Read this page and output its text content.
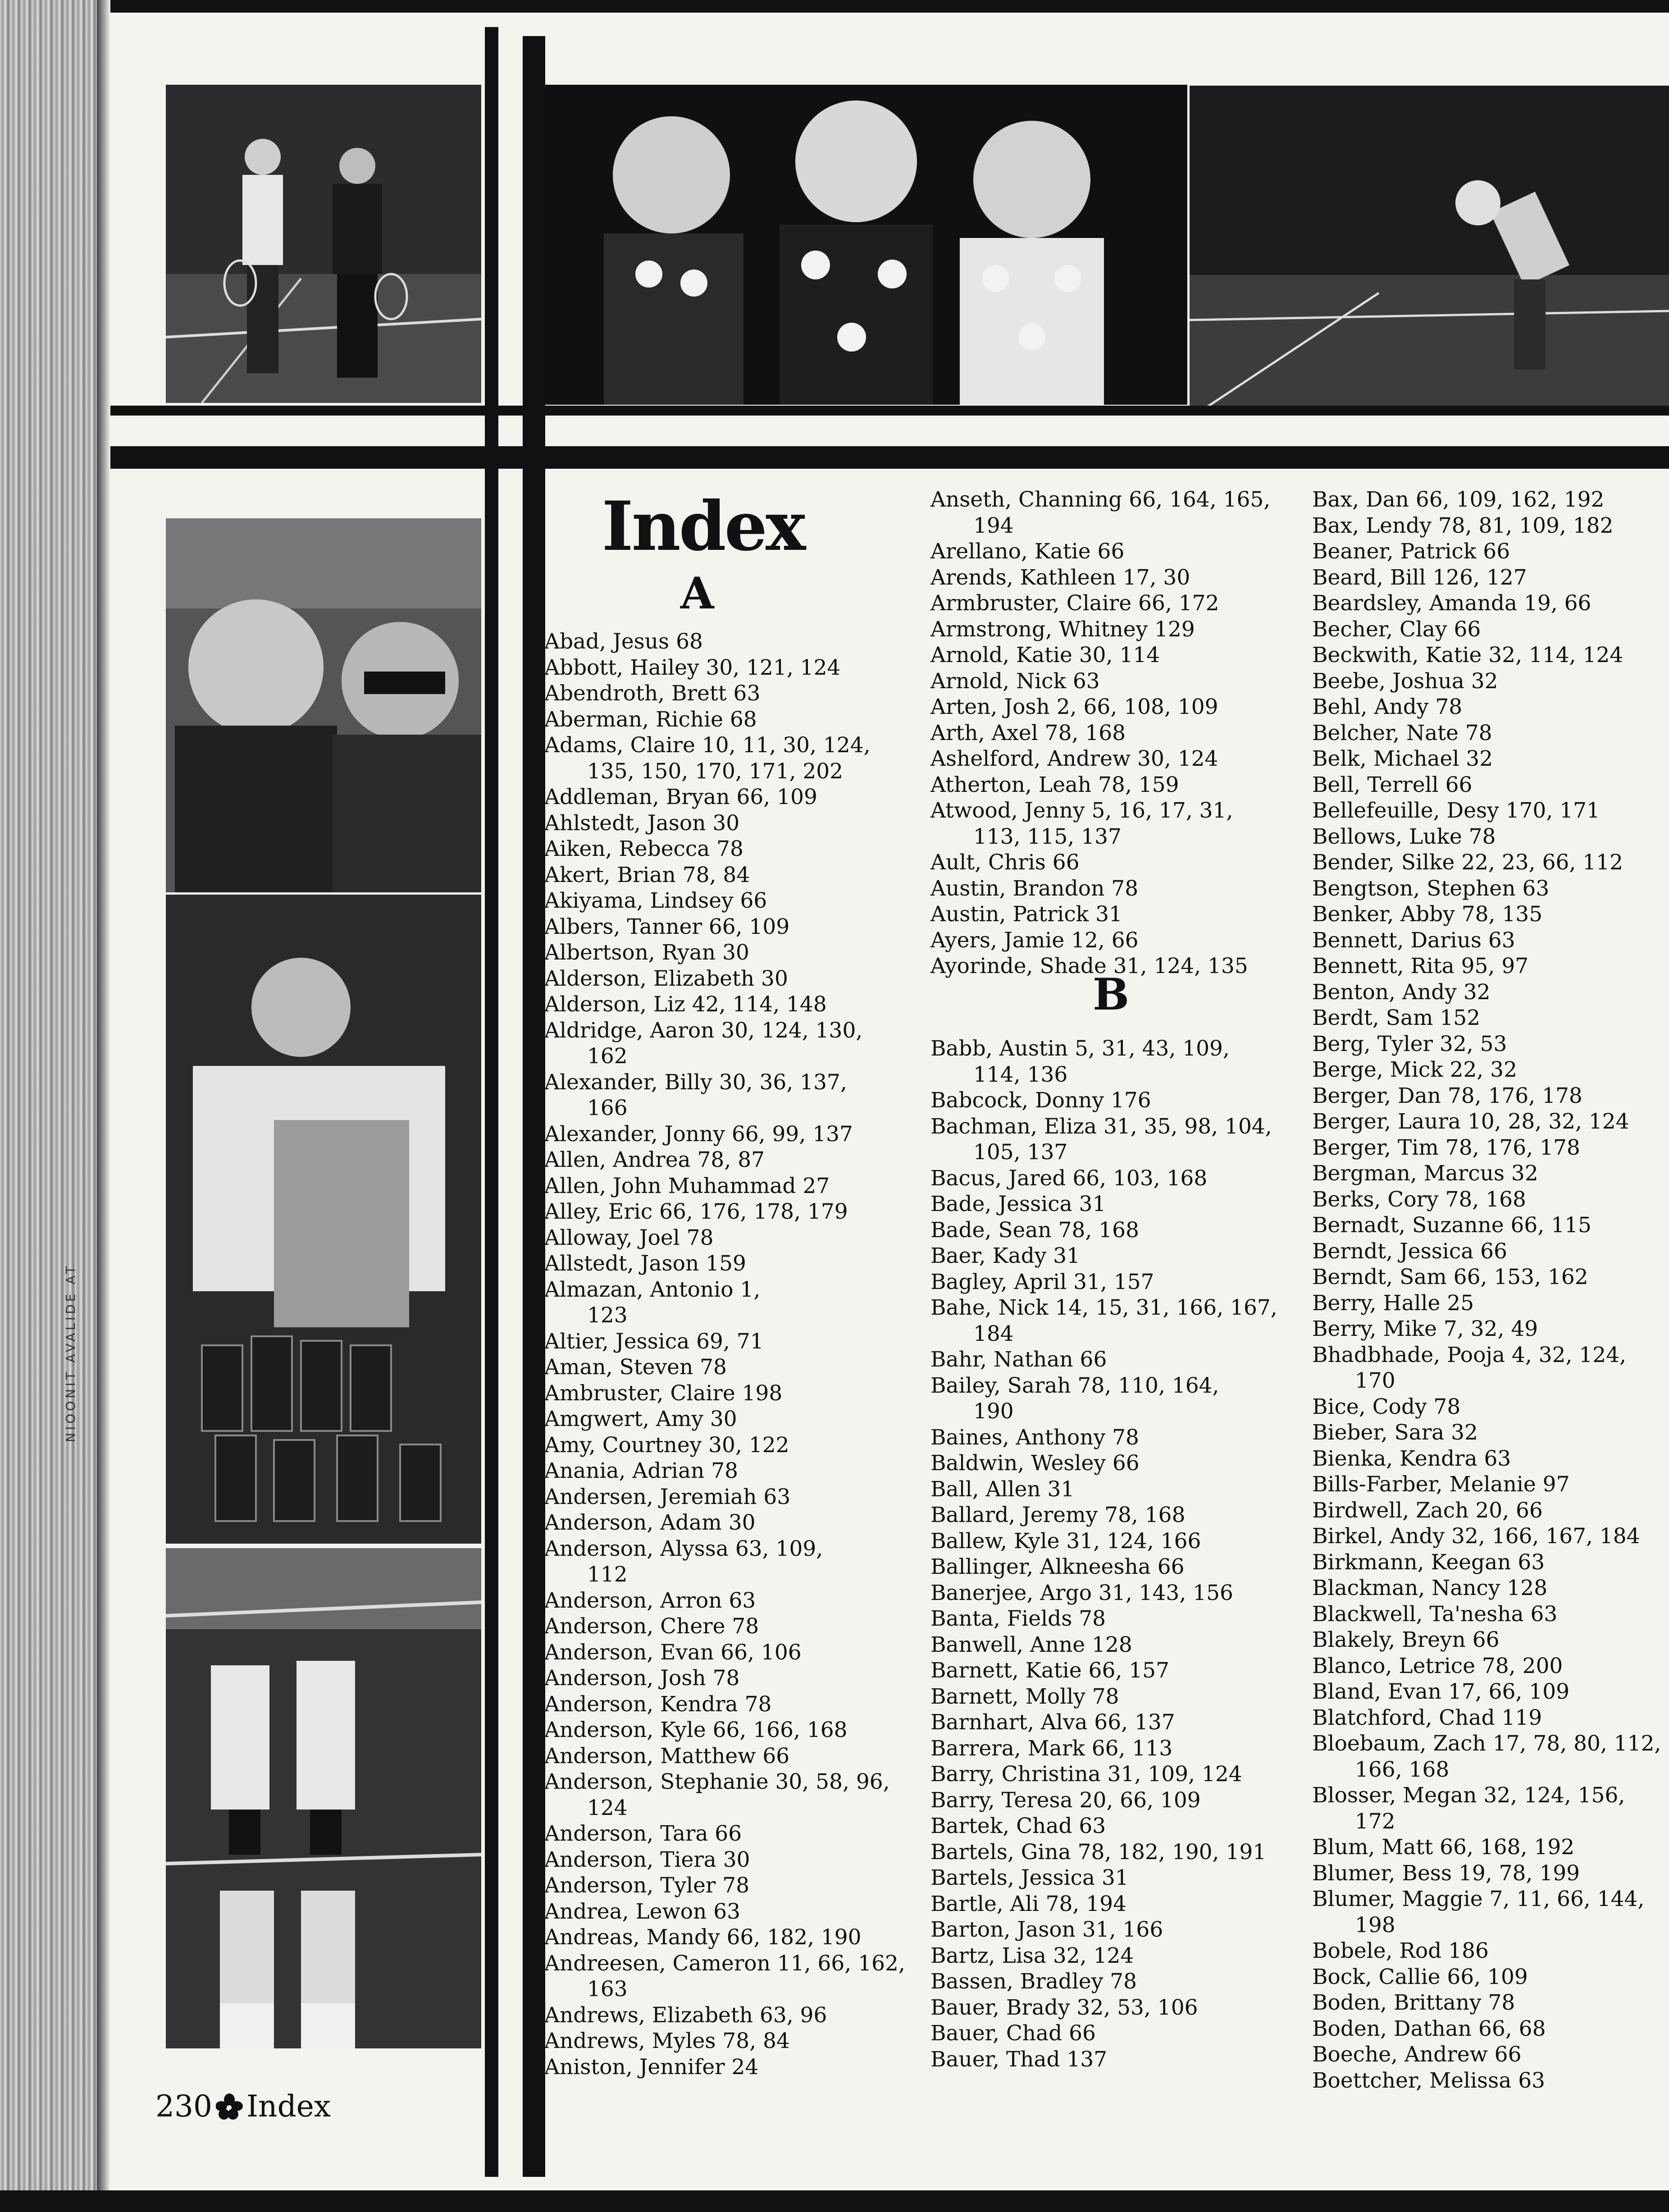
NIOONIT AVALIDE AT
Index
A
B
Abad, Jesus 68
Abbott, Hailey 30, 121, 124
Abendroth, Brett 63
Aberman, Richie 68
Adams, Claire 10, 11, 30, 124,
135, 150, 170, 171, 202
Addleman, Bryan 66, 109
Ahlstedt, Jason 30
Aiken, Rebecca 78
Akert, Brian 78, 84
Akiyama, Lindsey 66
Albers, Tanner 66, 109
Albertson, Ryan 30
Alderson, Elizabeth 30
Alderson, Liz 42, 114, 148
Aldridge, Aaron 30, 124, 130,
162
Alexander, Billy 30, 36, 137,
166
Alexander, Jonny 66, 99, 137
Allen, Andrea 78, 87
Allen, John Muhammad 27
Alley, Eric 66, 176, 178, 179
Alloway, Joel 78
Allstedt, Jason 159
Almazan, Antonio 1,
123
Altier, Jessica 69, 71
Aman, Steven 78
Ambruster, Claire 198
Amgwert, Amy 30
Amy, Courtney 30, 122
Anania, Adrian 78
Andersen, Jeremiah 63
Anderson, Adam 30
Anderson, Alyssa 63, 109,
112
Anderson, Arron 63
Anderson, Chere 78
Anderson, Evan 66, 106
Anderson, Josh 78
Anderson, Kendra 78
Anderson, Kyle 66, 166, 168
Anderson, Matthew 66
Anderson, Stephanie 30, 58, 96,
124
Anderson, Tara 66
Anderson, Tiera 30
Anderson, Tyler 78
Andrea, Lewon 63
Andreas, Mandy 66, 182, 190
Andreesen, Cameron 11, 66, 162,
163
Andrews, Elizabeth 63, 96
Andrews, Myles 78, 84
Aniston, Jennifer 24
Anseth, Channing 66, 164, 165,
194
Arellano, Katie 66
Arends, Kathleen 17, 30
Armbruster, Claire 66, 172
Armstrong, Whitney 129
Arnold, Katie 30, 114
Arnold, Nick 63
Arten, Josh 2, 66, 108, 109
Arth, Axel 78, 168
Ashelford, Andrew 30, 124
Atherton, Leah 78, 159
Atwood, Jenny 5, 16, 17, 31,
113, 115, 137
Ault, Chris 66
Austin, Brandon 78
Austin, Patrick 31
Ayers, Jamie 12, 66
Ayorinde, Shade 31, 124, 135
Babb, Austin 5, 31, 43, 109,
114, 136
Babcock, Donny 176
Bachman, Eliza 31, 35, 98, 104,
105, 137
Bacus, Jared 66, 103, 168
Bade, Jessica 31
Bade, Sean 78, 168
Baer, Kady 31
Bagley, April 31, 157
Bahe, Nick 14, 15, 31, 166, 167,
184
Bahr, Nathan 66
Bailey, Sarah 78, 110, 164,
190
Baines, Anthony 78
Baldwin, Wesley 66
Ball, Allen 31
Ballard, Jeremy 78, 168
Ballew, Kyle 31, 124, 166
Ballinger, Alkneesha 66
Banerjee, Argo 31, 143, 156
Banta, Fields 78
Banwell, Anne 128
Barnett, Katie 66, 157
Barnett, Molly 78
Barnhart, Alva 66, 137
Barrera, Mark 66, 113
Barry, Christina 31, 109, 124
Barry, Teresa 20, 66, 109
Bartek, Chad 63
Bartels, Gina 78, 182, 190, 191
Bartels, Jessica 31
Bartle, Ali 78, 194
Barton, Jason 31, 166
Bartz, Lisa 32, 124
Bassen, Bradley 78
Bauer, Brady 32, 53, 106
Bauer, Chad 66
Bauer, Thad 137
Bax, Dan 66, 109, 162, 192
Bax, Lendy 78, 81, 109, 182
Beaner, Patrick 66
Beard, Bill 126, 127
Beardsley, Amanda 19, 66
Becher, Clay 66
Beckwith, Katie 32, 114, 124
Beebe, Joshua 32
Behl, Andy 78
Belcher, Nate 78
Belk, Michael 32
Bell, Terrell 66
Bellefeuille, Desy 170, 171
Bellows, Luke 78
Bender, Silke 22, 23, 66, 112
Bengtson, Stephen 63
Benker, Abby 78, 135
Bennett, Darius 63
Bennett, Rita 95, 97
Benton, Andy 32
Berdt, Sam 152
Berg, Tyler 32, 53
Berge, Mick 22, 32
Berger, Dan 78, 176, 178
Berger, Laura 10, 28, 32, 124
Berger, Tim 78, 176, 178
Bergman, Marcus 32
Berks, Cory 78, 168
Bernadt, Suzanne 66, 115
Berndt, Jessica 66
Berndt, Sam 66, 153, 162
Berry, Halle 25
Berry, Mike 7, 32, 49
Bhadbhade, Pooja 4, 32, 124,
170
Bice, Cody 78
Bieber, Sara 32
Bienka, Kendra 63
Bills-Farber, Melanie 97
Birdwell, Zach 20, 66
Birkel, Andy 32, 166, 167, 184
Birkmann, Keegan 63
Blackman, Nancy 128
Blackwell, Ta'nesha 63
Blakely, Breyn 66
Blanco, Letrice 78, 200
Bland, Evan 17, 66, 109
Blatchford, Chad 119
Bloebaum, Zach 17, 78, 80, 112,
166, 168
Blosser, Megan 32, 124, 156,
172
Blum, Matt 66, 168, 192
Blumer, Bess 19, 78, 199
Blumer, Maggie 7, 11, 66, 144,
198
Bobele, Rod 186
Bock, Callie 66, 109
Boden, Brittany 78
Boden, Dathan 66, 68
Boeche, Andrew 66
Boettcher, Melissa 63
230 Index
